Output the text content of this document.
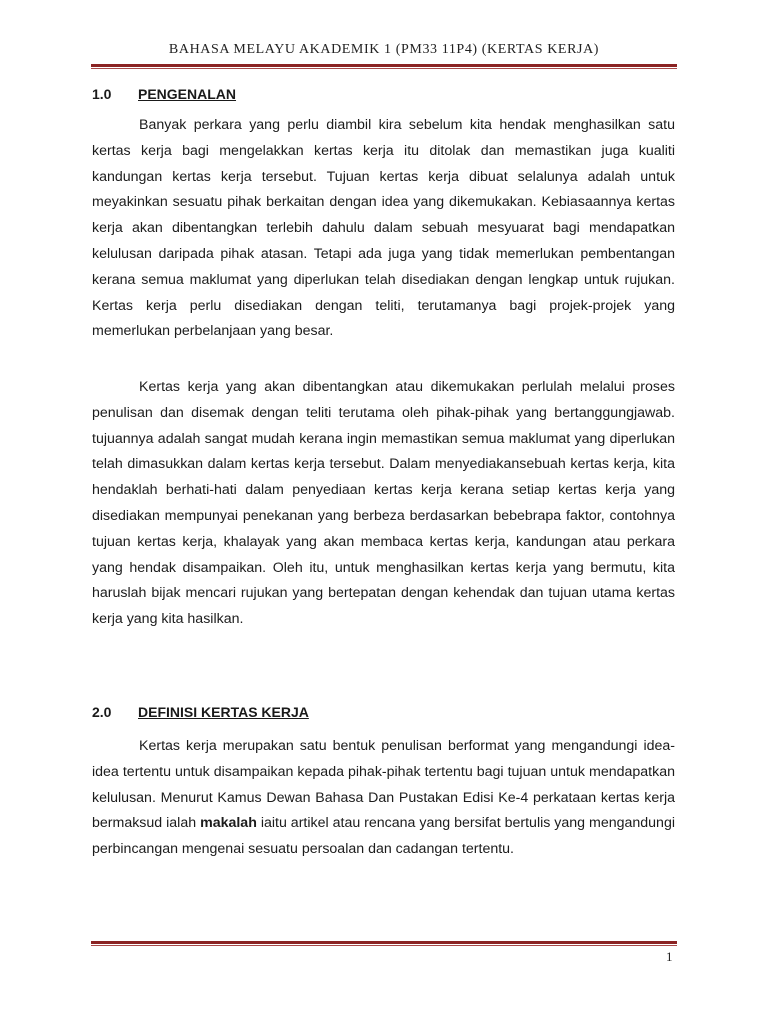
BAHASA MELAYU AKADEMIK 1 (PM33 11P4) (KERTAS KERJA)
1.0 PENGENALAN

Banyak perkara yang perlu diambil kira sebelum kita hendak menghasilkan satu kertas kerja bagi mengelakkan kertas kerja itu ditolak dan memastikan juga kualiti kandungan kertas kerja tersebut. Tujuan kertas kerja dibuat selalunya adalah untuk meyakinkan sesuatu pihak berkaitan dengan idea yang dikemukakan. Kebiasaannya kertas kerja akan dibentangkan terlebih dahulu dalam sebuah mesyuarat bagi mendapatkan kelulusan daripada pihak atasan. Tetapi ada juga yang tidak memerlukan pembentangan kerana semua maklumat yang diperlukan telah disediakan dengan lengkap untuk rujukan. Kertas kerja perlu disediakan dengan teliti, terutamanya bagi projek-projek yang memerlukan perbelanjaan yang besar.

Kertas kerja yang akan dibentangkan atau dikemukakan perlulah melalui proses penulisan dan disemak dengan teliti terutama oleh pihak-pihak yang bertanggungjawab. tujuannya adalah sangat mudah kerana ingin memastikan semua maklumat yang diperlukan telah dimasukkan dalam kertas kerja tersebut. Dalam menyediakansebuah kertas kerja, kita hendaklah berhati-hati dalam penyediaan kertas kerja kerana setiap kertas kerja yang disediakan mempunyai penekanan yang berbeza berdasarkan bebebrapa faktor, contohnya tujuan kertas kerja, khalayak yang akan membaca kertas kerja, kandungan atau perkara yang hendak disampaikan. Oleh itu, untuk menghasilkan kertas kerja yang bermutu, kita haruslah bijak mencari rujukan yang bertepatan dengan kehendak dan tujuan utama kertas kerja yang kita hasilkan.

2.0 DEFINISI KERTAS KERJA

Kertas kerja merupakan satu bentuk penulisan berformat yang mengandungi idea-idea tertentu untuk disampaikan kepada pihak-pihak tertentu bagi tujuan untuk mendapatkan kelulusan. Menurut Kamus Dewan Bahasa Dan Pustakan Edisi Ke-4 perkataan kertas kerja bermaksud ialah makalah iaitu artikel atau rencana yang bersifat bertulis yang mengandungi perbincangan mengenai sesuatu persoalan dan cadangan tertentu.

1
